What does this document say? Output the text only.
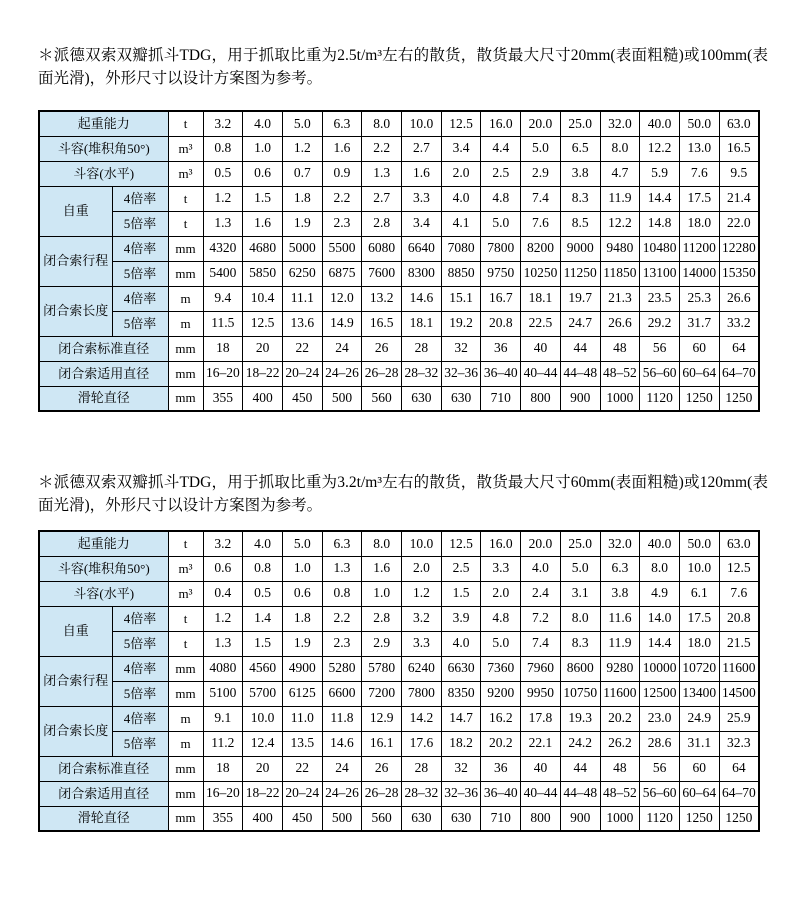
＊派德双索双瓣抓斗TDG，用于抓取比重为2.5t/m³左右的散货，散货最大尺寸20mm(表面粗糙)或100mm(表面光滑)，外形尺寸以设计方案图为参考。

起重能力		t	3.2	4.0	5.0	6.3	8.0	10.0	12.5	16.0	20.0	25.0	32.0	40.0	50.0	63.0
斗容(堆积角50°)		m³	0.8	1.0	1.2	1.6	2.2	2.7	3.4	4.4	5.0	6.5	8.0	12.2	13.0	16.5
斗容(水平)		m³	0.5	0.6	0.7	0.9	1.3	1.6	2.0	2.5	2.9	3.8	4.7	5.9	7.6	9.5
自重	4倍率	t	1.2	1.5	1.8	2.2	2.7	3.3	4.0	4.8	7.4	8.3	11.9	14.4	17.5	21.4
	5倍率	t	1.3	1.6	1.9	2.3	2.8	3.4	4.1	5.0	7.6	8.5	12.2	14.8	18.0	22.0
闭合索行程	4倍率	mm	4320	4680	5000	5500	6080	6640	7080	7800	8200	9000	9480	10480	11200	12280
	5倍率	mm	5400	5850	6250	6875	7600	8300	8850	9750	10250	11250	11850	13100	14000	15350
闭合索长度	4倍率	m	9.4	10.4	11.1	12.0	13.2	14.6	15.1	16.7	18.1	19.7	21.3	23.5	25.3	26.6
	5倍率	m	11.5	12.5	13.6	14.9	16.5	18.1	19.2	20.8	22.5	24.7	26.6	29.2	31.7	33.2
闭合索标准直径		mm	18	20	22	24	26	28	32	36	40	44	48	56	60	64
闭合索适用直径		mm	16–20	18–22	20–24	24–26	26–28	28–32	32–36	36–40	40–44	44–48	48–52	56–60	60–64	64–70
滑轮直径		mm	355	400	450	500	560	630	630	710	800	900	1000	1120	1250	1250

＊派德双索双瓣抓斗TDG，用于抓取比重为3.2t/m³左右的散货，散货最大尺寸60mm(表面粗糙)或120mm(表面光滑)，外形尺寸以设计方案图为参考。

起重能力		t	3.2	4.0	5.0	6.3	8.0	10.0	12.5	16.0	20.0	25.0	32.0	40.0	50.0	63.0
斗容(堆积角50°)		m³	0.6	0.8	1.0	1.3	1.6	2.0	2.5	3.3	4.0	5.0	6.3	8.0	10.0	12.5
斗容(水平)		m³	0.4	0.5	0.6	0.8	1.0	1.2	1.5	2.0	2.4	3.1	3.8	4.9	6.1	7.6
自重	4倍率	t	1.2	1.4	1.8	2.2	2.8	3.2	3.9	4.8	7.2	8.0	11.6	14.0	17.5	20.8
	5倍率	t	1.3	1.5	1.9	2.3	2.9	3.3	4.0	5.0	7.4	8.3	11.9	14.4	18.0	21.5
闭合索行程	4倍率	mm	4080	4560	4900	5280	5780	6240	6630	7360	7960	8600	9280	10000	10720	11600
	5倍率	mm	5100	5700	6125	6600	7200	7800	8350	9200	9950	10750	11600	12500	13400	14500
闭合索长度	4倍率	m	9.1	10.0	11.0	11.8	12.9	14.2	14.7	16.2	17.8	19.3	20.2	23.0	24.9	25.9
	5倍率	m	11.2	12.4	13.5	14.6	16.1	17.6	18.2	20.2	22.1	24.2	26.2	28.6	31.1	32.3
闭合索标准直径		mm	18	20	22	24	26	28	32	36	40	44	48	56	60	64
闭合索适用直径		mm	16–20	18–22	20–24	24–26	26–28	28–32	32–36	36–40	40–44	44–48	48–52	56–60	60–64	64–70
滑轮直径		mm	355	400	450	500	560	630	630	710	800	900	1000	1120	1250	1250
